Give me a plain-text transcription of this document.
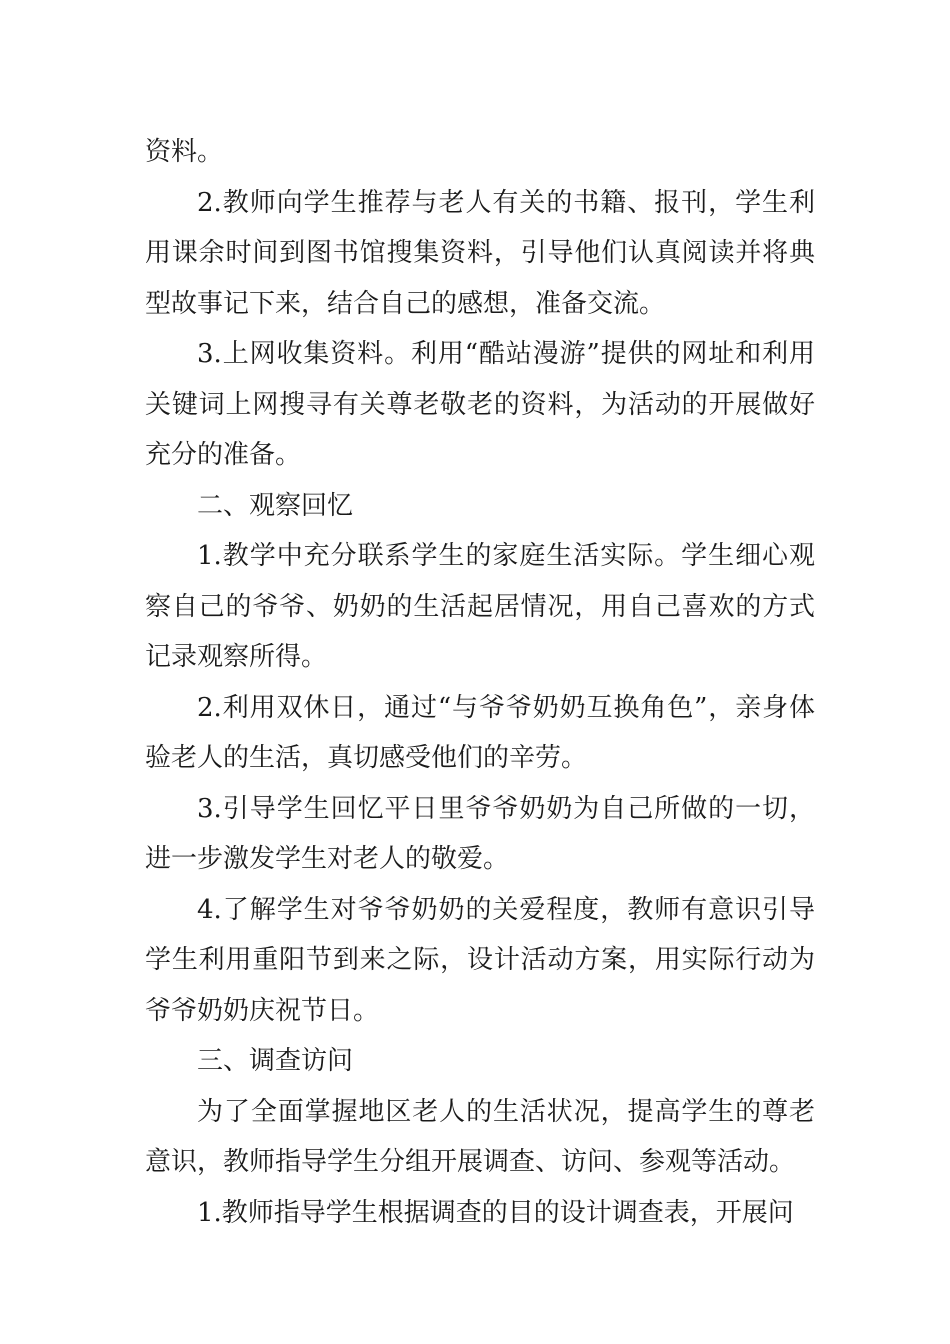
资料。

2.教师向学生推荐与老人有关的书籍、报刊，学生利用课余时间到图书馆搜集资料，引导他们认真阅读并将典型故事记下来，结合自己的感想，准备交流。

3.上网收集资料。利用“酷站漫游”提供的网址和利用关键词上网搜寻有关尊老敬老的资料，为活动的开展做好充分的准备。

二、观察回忆

1.教学中充分联系学生的家庭生活实际。学生细心观察自己的爷爷、奶奶的生活起居情况，用自己喜欢的方式记录观察所得。

2.利用双休日，通过“与爷爷奶奶互换角色”，亲身体验老人的生活，真切感受他们的辛劳。

3.引导学生回忆平日里爷爷奶奶为自己所做的一切，进一步激发学生对老人的敬爱。

4.了解学生对爷爷奶奶的关爱程度，教师有意识引导学生利用重阳节到来之际，设计活动方案，用实际行动为爷爷奶奶庆祝节日。

三、调查访问

为了全面掌握地区老人的生活状况，提高学生的尊老意识，教师指导学生分组开展调查、访问、参观等活动。

1.教师指导学生根据调查的目的设计调查表，开展问
